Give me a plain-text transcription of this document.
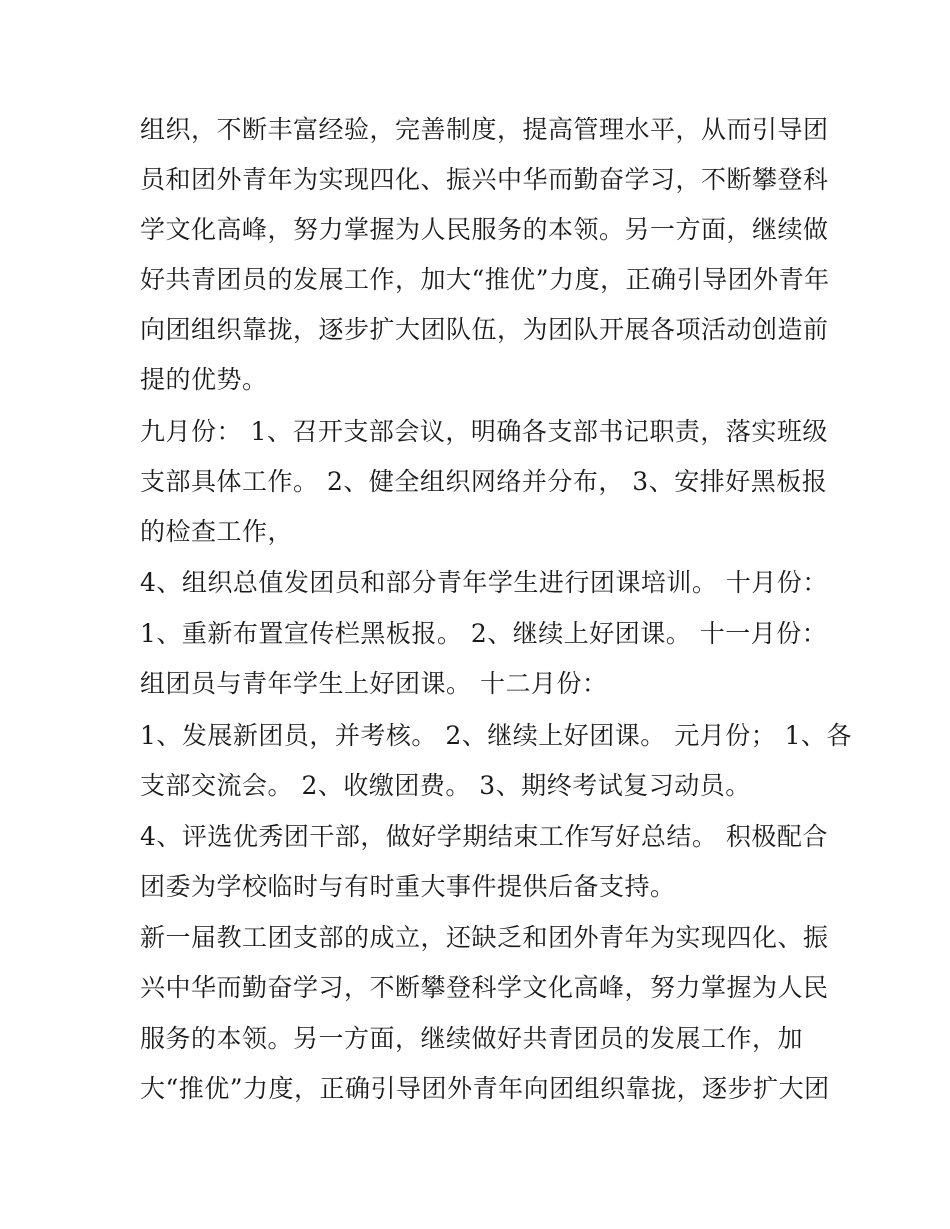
组织，不断丰富经验，完善制度，提高管理水平，从而引导团
员和团外青年为实现四化、振兴中华而勤奋学习，不断攀登科
学文化高峰，努力掌握为人民服务的本领。另一方面，继续做
好共青团员的发展工作，加大“推优”力度，正确引导团外青年
向团组织靠拢，逐步扩大团队伍，为团队开展各项活动创造前
提的优势。
九月份： 1、召开支部会议，明确各支部书记职责，落实班级
支部具体工作。 2、健全组织网络并分布， 3、安排好黑板报
的检查工作，
4、组织总值发团员和部分青年学生进行团课培训。 十月份：
1、重新布置宣传栏黑板报。 2、继续上好团课。 十一月份：
组团员与青年学生上好团课。 十二月份：
1、发展新团员，并考核。 2、继续上好团课。 元月份； 1、各
支部交流会。 2、收缴团费。 3、期终考试复习动员。
4、评选优秀团干部，做好学期结束工作写好总结。 积极配合
团委为学校临时与有时重大事件提供后备支持。
新一届教工团支部的成立，还缺乏和团外青年为实现四化、振
兴中华而勤奋学习，不断攀登科学文化高峰，努力掌握为人民
服务的本领。另一方面，继续做好共青团员的发展工作，加
大“推优”力度，正确引导团外青年向团组织靠拢，逐步扩大团
